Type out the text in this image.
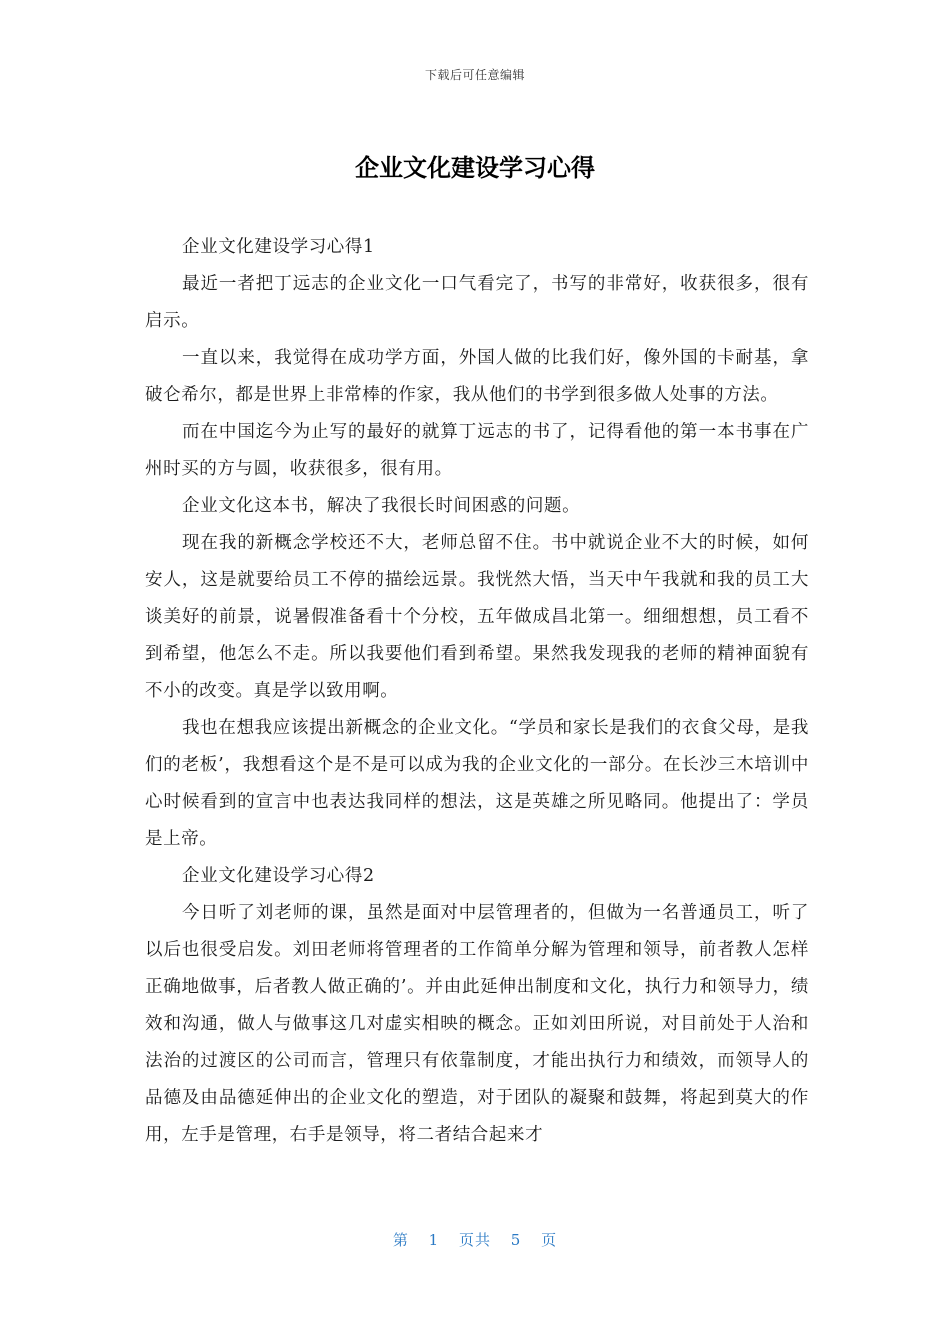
下载后可任意编辑
企业文化建设学习心得

企业文化建设学习心得1

最近一者把丁远志的企业文化一口气看完了，书写的非常好，收获很多，很有启示。

一直以来，我觉得在成功学方面，外国人做的比我们好，像外国的卡耐基，拿破仑希尔，都是世界上非常棒的作家，我从他们的书学到很多做人处事的方法。

而在中国迄今为止写的最好的就算丁远志的书了，记得看他的第一本书事在广州时买的方与圆，收获很多，很有用。

企业文化这本书，解决了我很长时间困惑的问题。

现在我的新概念学校还不大，老师总留不住。书中就说企业不大的时候，如何安人，这是就要给员工不停的描绘远景。我恍然大悟，当天中午我就和我的员工大谈美好的前景，说暑假准备看十个分校，五年做成昌北第一。细细想想，员工看不到希望，他怎么不走。所以我要他们看到希望。果然我发现我的老师的精神面貌有不小的改变。真是学以致用啊。

我也在想我应该提出新概念的企业文化。“学员和家长是我们的衣食父母，是我们的老板’，我想看这个是不是可以成为我的企业文化的一部分。在长沙三木培训中心时候看到的宣言中也表达我同样的想法，这是英雄之所见略同。他提出了：学员是上帝。

企业文化建设学习心得2

今日听了刘老师的课，虽然是面对中层管理者的，但做为一名普通员工，听了以后也很受启发。刘田老师将管理者的工作简单分解为管理和领导，前者教人怎样正确地做事，后者教人做正确的’。并由此延伸出制度和文化，执行力和领导力，绩效和沟通，做人与做事这几对虚实相映的概念。正如刘田所说，对目前处于人治和法治的过渡区的公司而言，管理只有依靠制度，才能出执行力和绩效，而领导人的品德及由品德延伸出的企业文化的塑造，对于团队的凝聚和鼓舞，将起到莫大的作用，左手是管理，右手是领导，将二者结合起来才

第 1 页共 5 页
